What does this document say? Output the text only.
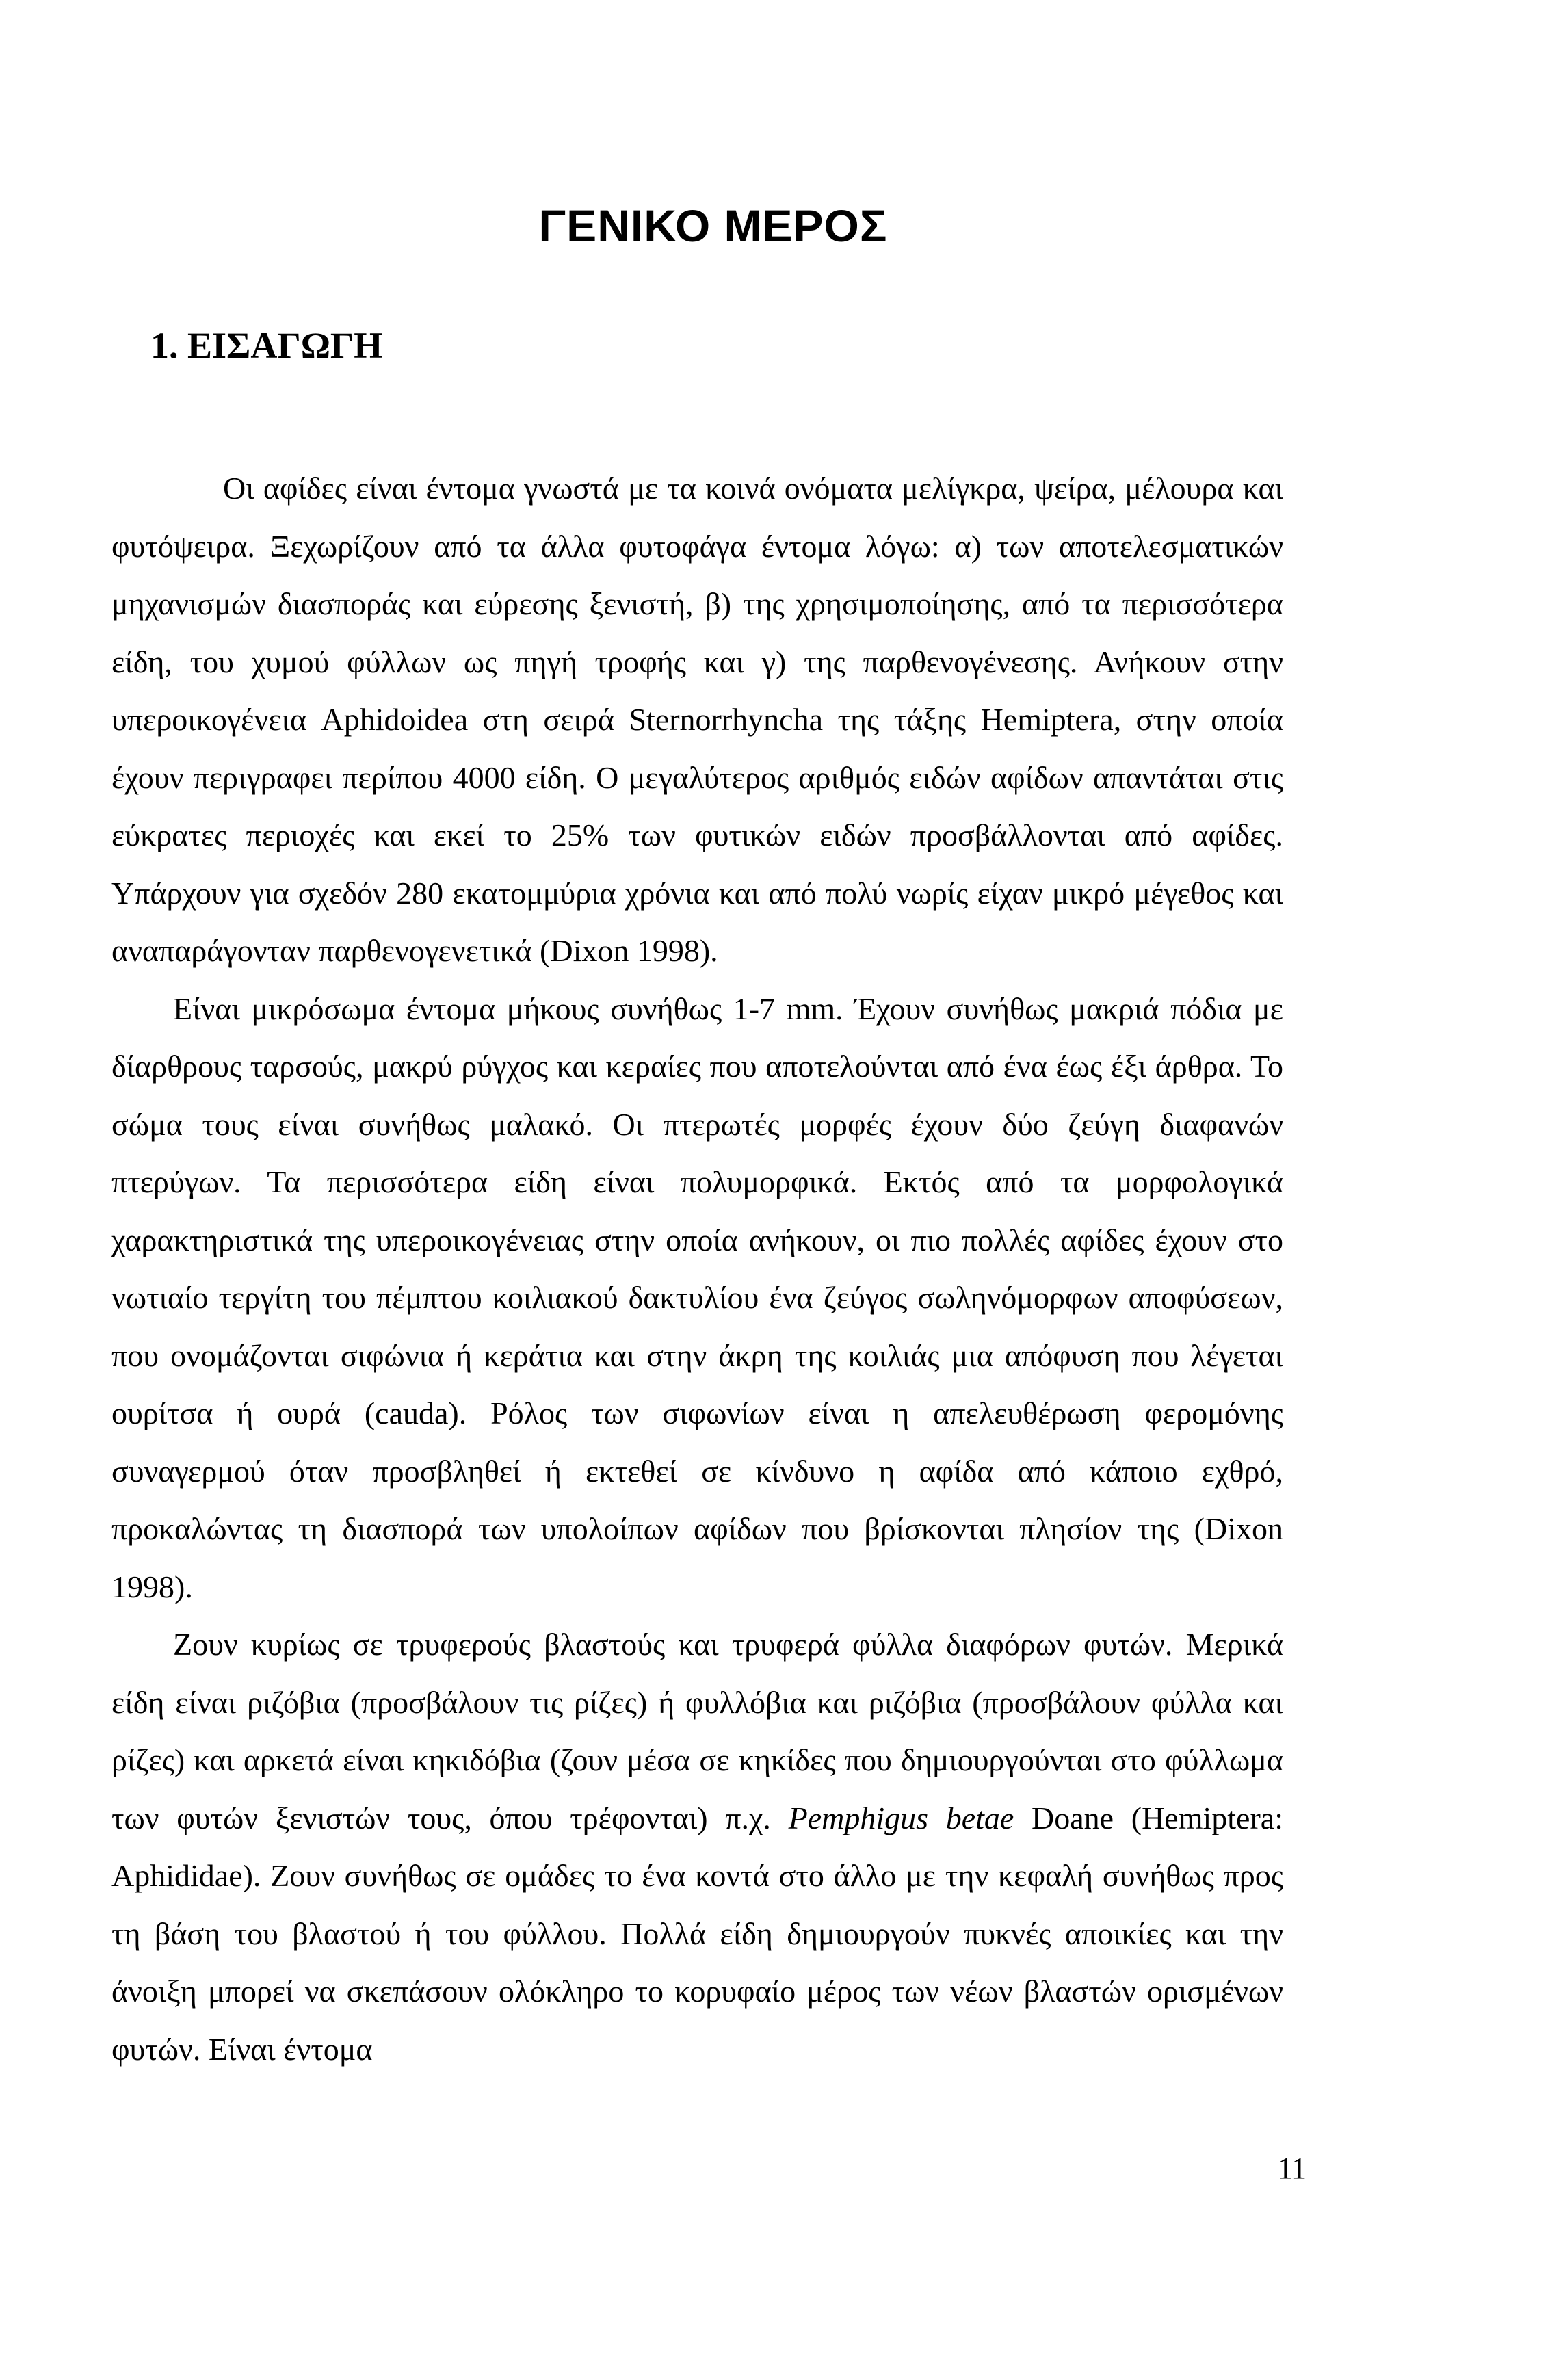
ΓΕΝΙΚΟ ΜΕΡΟΣ
1. ΕΙΣΑΓΩΓΗ

Οι αφίδες είναι έντομα γνωστά με τα κοινά ονόματα μελίγκρα, ψείρα, μέλουρα και φυτόψειρα. Ξεχωρίζουν από τα άλλα φυτοφάγα έντομα λόγω: α) των αποτελεσματικών μηχανισμών διασποράς και εύρεσης ξενιστή, β) της χρησιμοποίησης, από τα περισσότερα είδη, του χυμού φύλλων ως πηγή τροφής και γ) της παρθενογένεσης. Ανήκουν στην υπεροικογένεια Aphidoidea στη σειρά Sternorrhyncha της τάξης Hemiptera, στην οποία έχουν περιγραφει περίπου 4000 είδη. Ο μεγαλύτερος αριθμός ειδών αφίδων απαντάται στις εύκρατες περιοχές και εκεί το 25% των φυτικών ειδών προσβάλλονται από αφίδες. Υπάρχουν για σχεδόν 280 εκατομμύρια χρόνια και από πολύ νωρίς είχαν μικρό μέγεθος και αναπαράγονταν παρθενογενετικά (Dixon 1998).

Είναι μικρόσωμα έντομα μήκους συνήθως 1-7 mm. Έχουν συνήθως μακριά πόδια με δίαρθρους ταρσούς, μακρύ ρύγχος και κεραίες που αποτελούνται από ένα έως έξι άρθρα. Το σώμα τους είναι συνήθως μαλακό. Οι πτερωτές μορφές έχουν δύο ζεύγη διαφανών πτερύγων. Τα περισσότερα είδη είναι πολυμορφικά. Εκτός από τα μορφολογικά χαρακτηριστικά της υπεροικογένειας στην οποία ανήκουν, οι πιο πολλές αφίδες έχουν στο νωτιαίο τεργίτη του πέμπτου κοιλιακού δακτυλίου ένα ζεύγος σωληνόμορφων αποφύσεων, που ονομάζονται σιφώνια ή κεράτια και στην άκρη της κοιλιάς μια απόφυση που λέγεται ουρίτσα ή ουρά (cauda). Ρόλος των σιφωνίων είναι η απελευθέρωση φερομόνης συναγερμού όταν προσβληθεί ή εκτεθεί σε κίνδυνο η αφίδα από κάποιο εχθρό, προκαλώντας τη διασπορά των υπολοίπων αφίδων που βρίσκονται πλησίον της (Dixon 1998).

Ζουν κυρίως σε τρυφερούς βλαστούς και τρυφερά φύλλα διαφόρων φυτών. Μερικά είδη είναι ριζόβια (προσβάλουν τις ρίζες) ή φυλλόβια και ριζόβια (προσβάλουν φύλλα και ρίζες) και αρκετά είναι κηκιδόβια (ζουν μέσα σε κηκίδες που δημιουργούνται στο φύλλωμα των φυτών ξενιστών τους, όπου τρέφονται) π.χ. Pemphigus betae Doane (Hemiptera: Aphididae). Ζουν συνήθως σε ομάδες το ένα κοντά στο άλλο με την κεφαλή συνήθως προς τη βάση του βλαστού ή του φύλλου. Πολλά είδη δημιουργούν πυκνές αποικίες και την άνοιξη μπορεί να σκεπάσουν ολόκληρο το κορυφαίο μέρος των νέων βλαστών ορισμένων φυτών. Είναι έντομα

11
